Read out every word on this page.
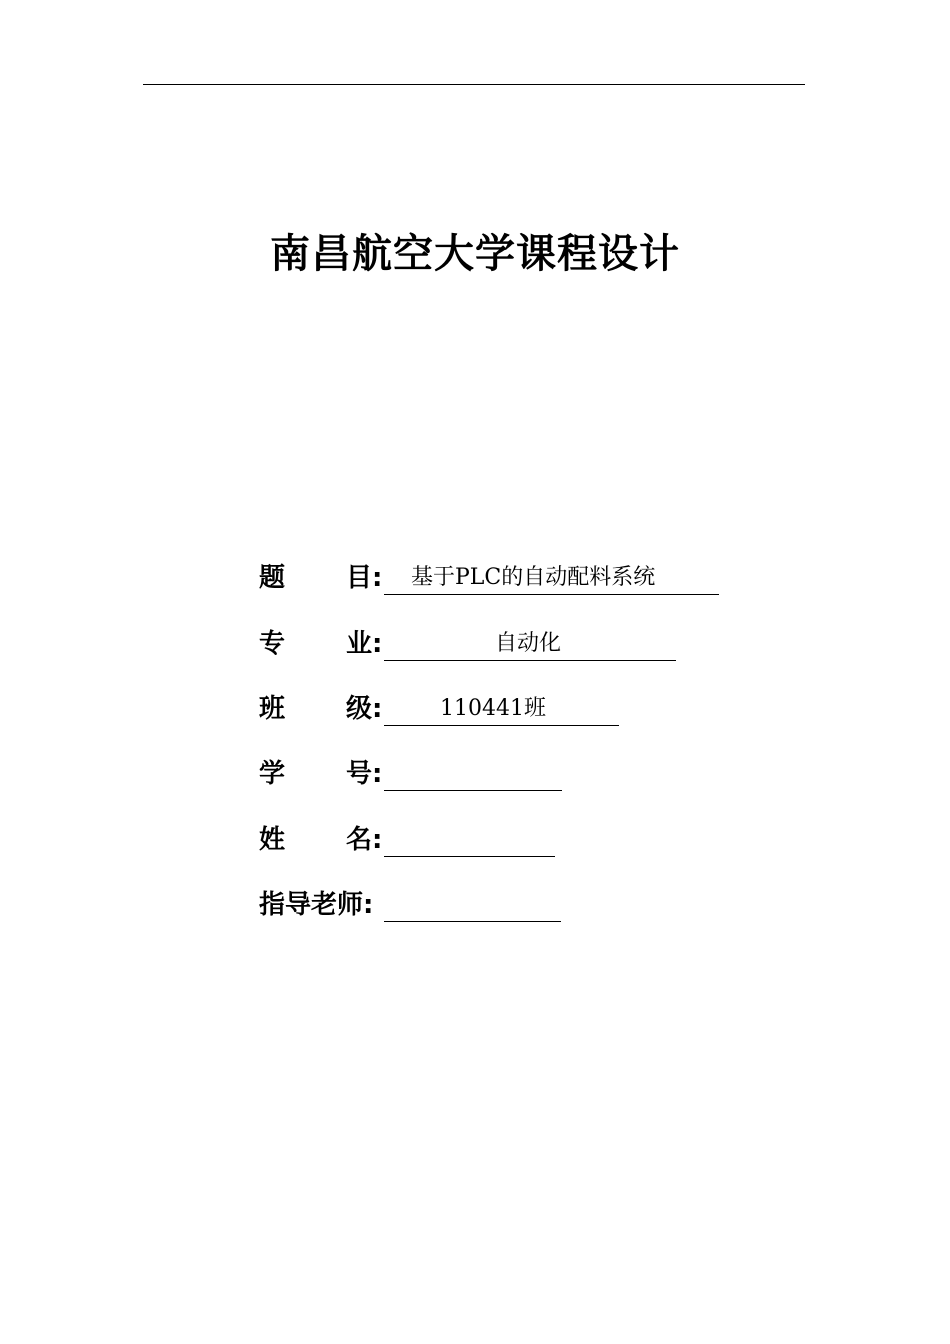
南昌航空大学课程设计
题 目: 基于PLC的自动配料系统
专 业:	自动化
班 级:	110441班
学 号:
姓 名:
指导老师:
